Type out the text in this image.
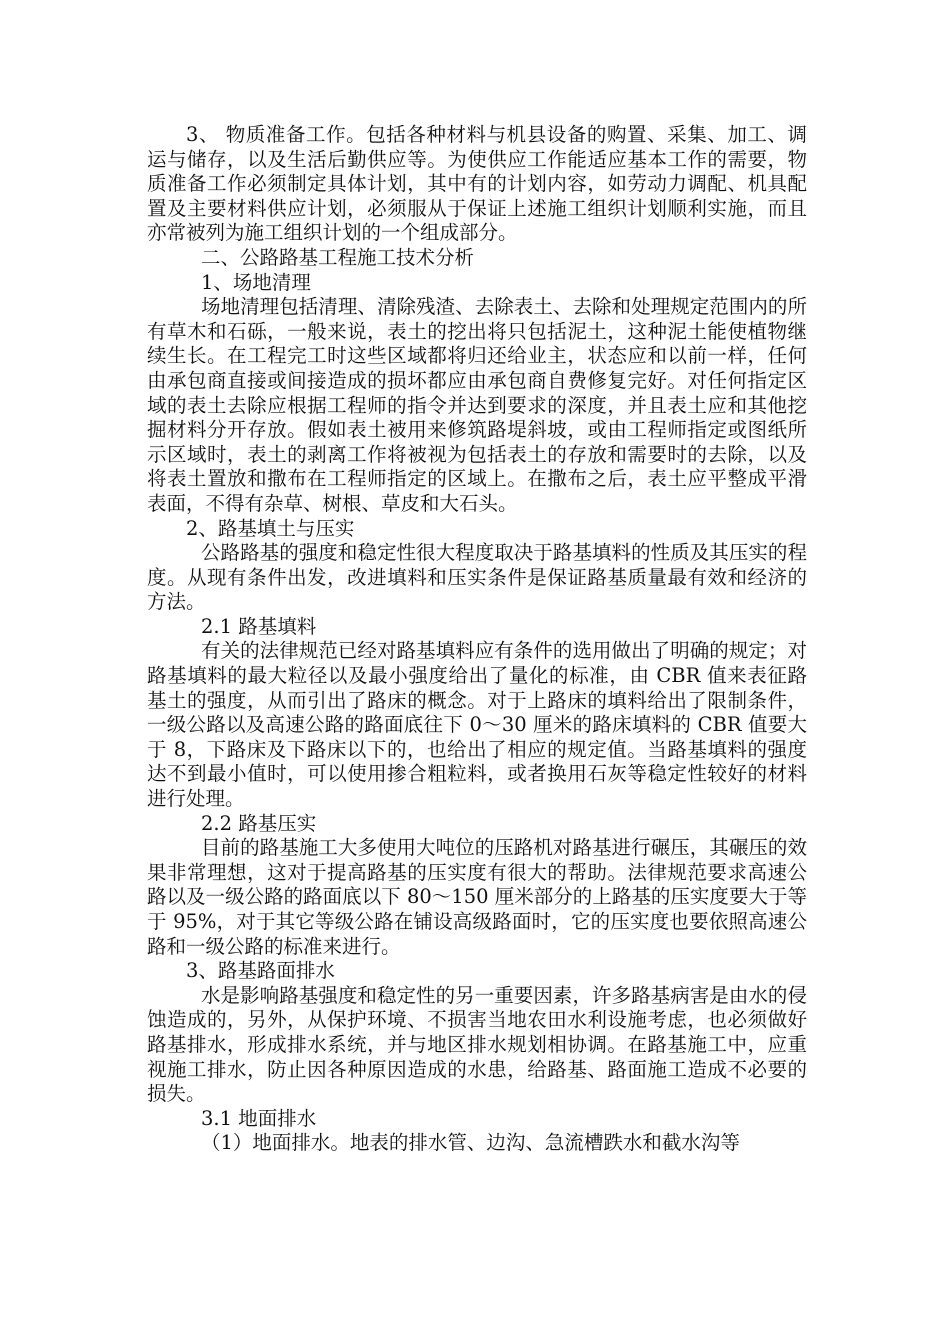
3、 物质准备工作。包括各种材料与机县设备的购置、采集、加工、调运与储存，以及生活后勤供应等。为使供应工作能适应基本工作的需要，物质准备工作必须制定具体计划，其中有的计划内容，如劳动力调配、机具配置及主要材料供应计划，必须服从于保证上述施工组织计划顺利实施，而且亦常被列为施工组织计划的一个组成部分。

二、公路路基工程施工技术分析

1、场地清理

场地清理包括清理、清除残渣、去除表土、去除和处理规定范围内的所有草木和石砾，一般来说，表土的挖出将只包括泥土，这种泥土能使植物继续生长。在工程完工时这些区域都将归还给业主，状态应和以前一样，任何由承包商直接或间接造成的损坏都应由承包商自费修复完好。对任何指定区域的表土去除应根据工程师的指令并达到要求的深度，并且表土应和其他挖掘材料分开存放。假如表土被用来修筑路堤斜坡，或由工程师指定或图纸所示区域时，表土的剥离工作将被视为包括表土的存放和需要时的去除，以及将表土置放和撒布在工程师指定的区域上。在撒布之后，表土应平整成平滑表面，不得有杂草、树根、草皮和大石头。

2、路基填土与压实

公路路基的强度和稳定性很大程度取决于路基填料的性质及其压实的程度。从现有条件出发，改进填料和压实条件是保证路基质量最有效和经济的方法。

2.1 路基填料

有关的法律规范已经对路基填料应有条件的选用做出了明确的规定；对路基填料的最大粒径以及最小强度给出了量化的标准，由 CBR 值来表征路基土的强度，从而引出了路床的概念。对于上路床的填料给出了限制条件，一级公路以及高速公路的路面底往下 0～30 厘米的路床填料的 CBR 值要大于 8，下路床及下路床以下的，也给出了相应的规定值。当路基填料的强度达不到最小值时，可以使用掺合粗粒料，或者换用石灰等稳定性较好的材料进行处理。

2.2 路基压实

目前的路基施工大多使用大吨位的压路机对路基进行碾压，其碾压的效果非常理想，这对于提高路基的压实度有很大的帮助。法律规范要求高速公路以及一级公路的路面底以下 80～150 厘米部分的上路基的压实度要大于等于 95%，对于其它等级公路在铺设高级路面时，它的压实度也要依照高速公路和一级公路的标准来进行。

3、路基路面排水

水是影响路基强度和稳定性的另一重要因素，许多路基病害是由水的侵蚀造成的，另外，从保护环境、不损害当地农田水利设施考虑，也必须做好路基排水，形成排水系统，并与地区排水规划相协调。在路基施工中，应重视施工排水，防止因各种原因造成的水患，给路基、路面施工造成不必要的损失。

3.1 地面排水

（1）地面排水。地表的排水管、边沟、急流槽跌水和截水沟等
